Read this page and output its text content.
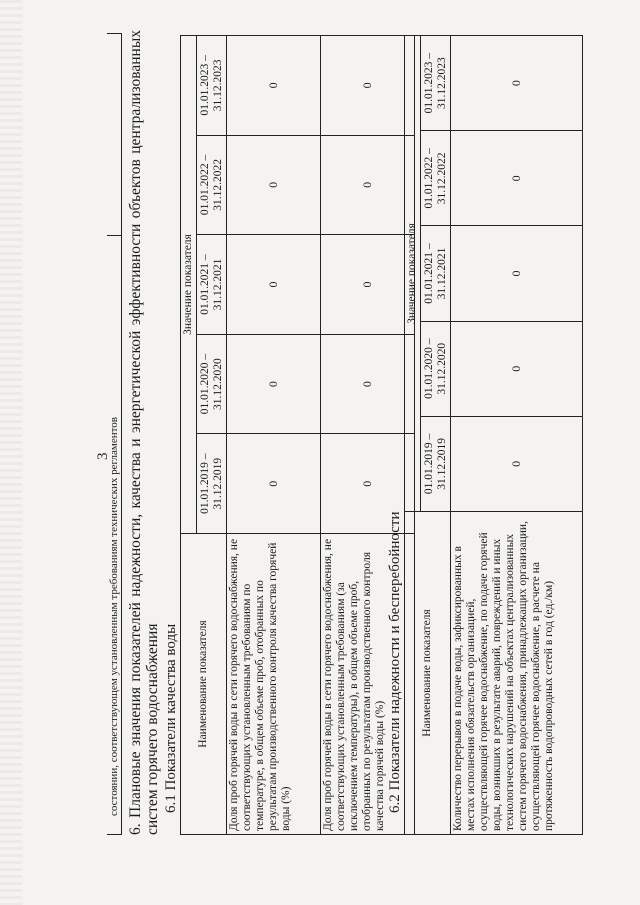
3
состоянии, соответствующем установленным требованиям технических регламентов 6. Плановые значения показателей надежности, качества и энергетической эффективности объектов централизованных систем горячего водоснабжения 6.1 Показатели качества воды Наименование показателя	Значение показателя				
	01.01.2019 – 31.12.2019	01.01.2020 – 31.12.2020	01.01.2021 – 31.12.2021	01.01.2022 – 31.12.2022	01.01.2023 – 31.12.2023
Доля проб горячей воды в сети горячего водоснабжения, не соответствующих установленным требованиям по температуре, в общем объеме проб, отобранных по результатам производственного контроля качества горячей воды (%)	0	0	0	0	0
Доля проб горячей воды в сети горячего водоснабжения, не соответствующих установленным требованиям (за исключением температуры), в общем объеме проб, отобранных по результатам производственного контроля качества горячей воды (%)	0	0	0	0	0
6.2 Показатели надежности и бесперебойности Наименование показателя	Значение показателя				
	01.01.2019 – 31.12.2019	01.01.2020 – 31.12.2020	01.01.2021 – 31.12.2021	01.01.2022 – 31.12.2022	01.01.2023 – 31.12.2023
Количество перерывов в подаче воды, зафиксированных в местах исполнения обязательств организацией, осуществляющей горячее водоснабжение, по подаче горячей воды, возникших в результате аварий, повреждений и иных технологических нарушений на объектах централизованных систем горячего водоснабжения, принадлежащих организации, осуществляющей горячее водоснабжение, в расчете на протяженность водопроводных сетей в год (ед./км)	0	0	0	0	0
